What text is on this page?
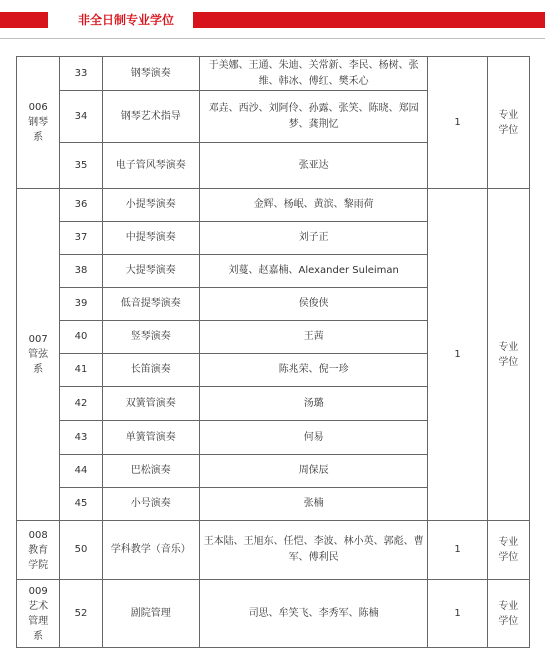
非全日制专业学位
006
钢琴
系	33	钢琴演奏	于美娜、王通、朱迪、关常新、李民、杨树、张维、韩冰、傅红、樊禾心	1	专业
学位

	34	钢琴艺术指导	邓垚、西沙、刘阿伶、孙露、张笑、陈晓、郑园梦、龚荆忆		
	35	电子管风琴演奏	张亚达		

007
管弦
系	36	小提琴演奏	金辉、杨岷、黄滨、黎雨荷	1	专业
学位

	37	中提琴演奏	刘子正		
	38	大提琴演奏	刘蔓、赵嘉楠、Alexander Suleiman		
	39	低音提琴演奏	侯俊侠		
	40	竖琴演奏	王茜		
	41	长笛演奏	陈兆荣、倪一珍		
	42	双簧管演奏	汤璐		
	43	单簧管演奏	何易		
	44	巴松演奏	周保辰		
	45	小号演奏	张楠		

008
教育
学院	50	学科教学（音乐）	王本陆、王旭东、任恺、李波、林小英、郭彪、曹军、傅利民	1	专业
学位

009
艺术
管理
系	52	剧院管理	司思、牟笑飞、李秀军、陈楠	1	专业
学位
